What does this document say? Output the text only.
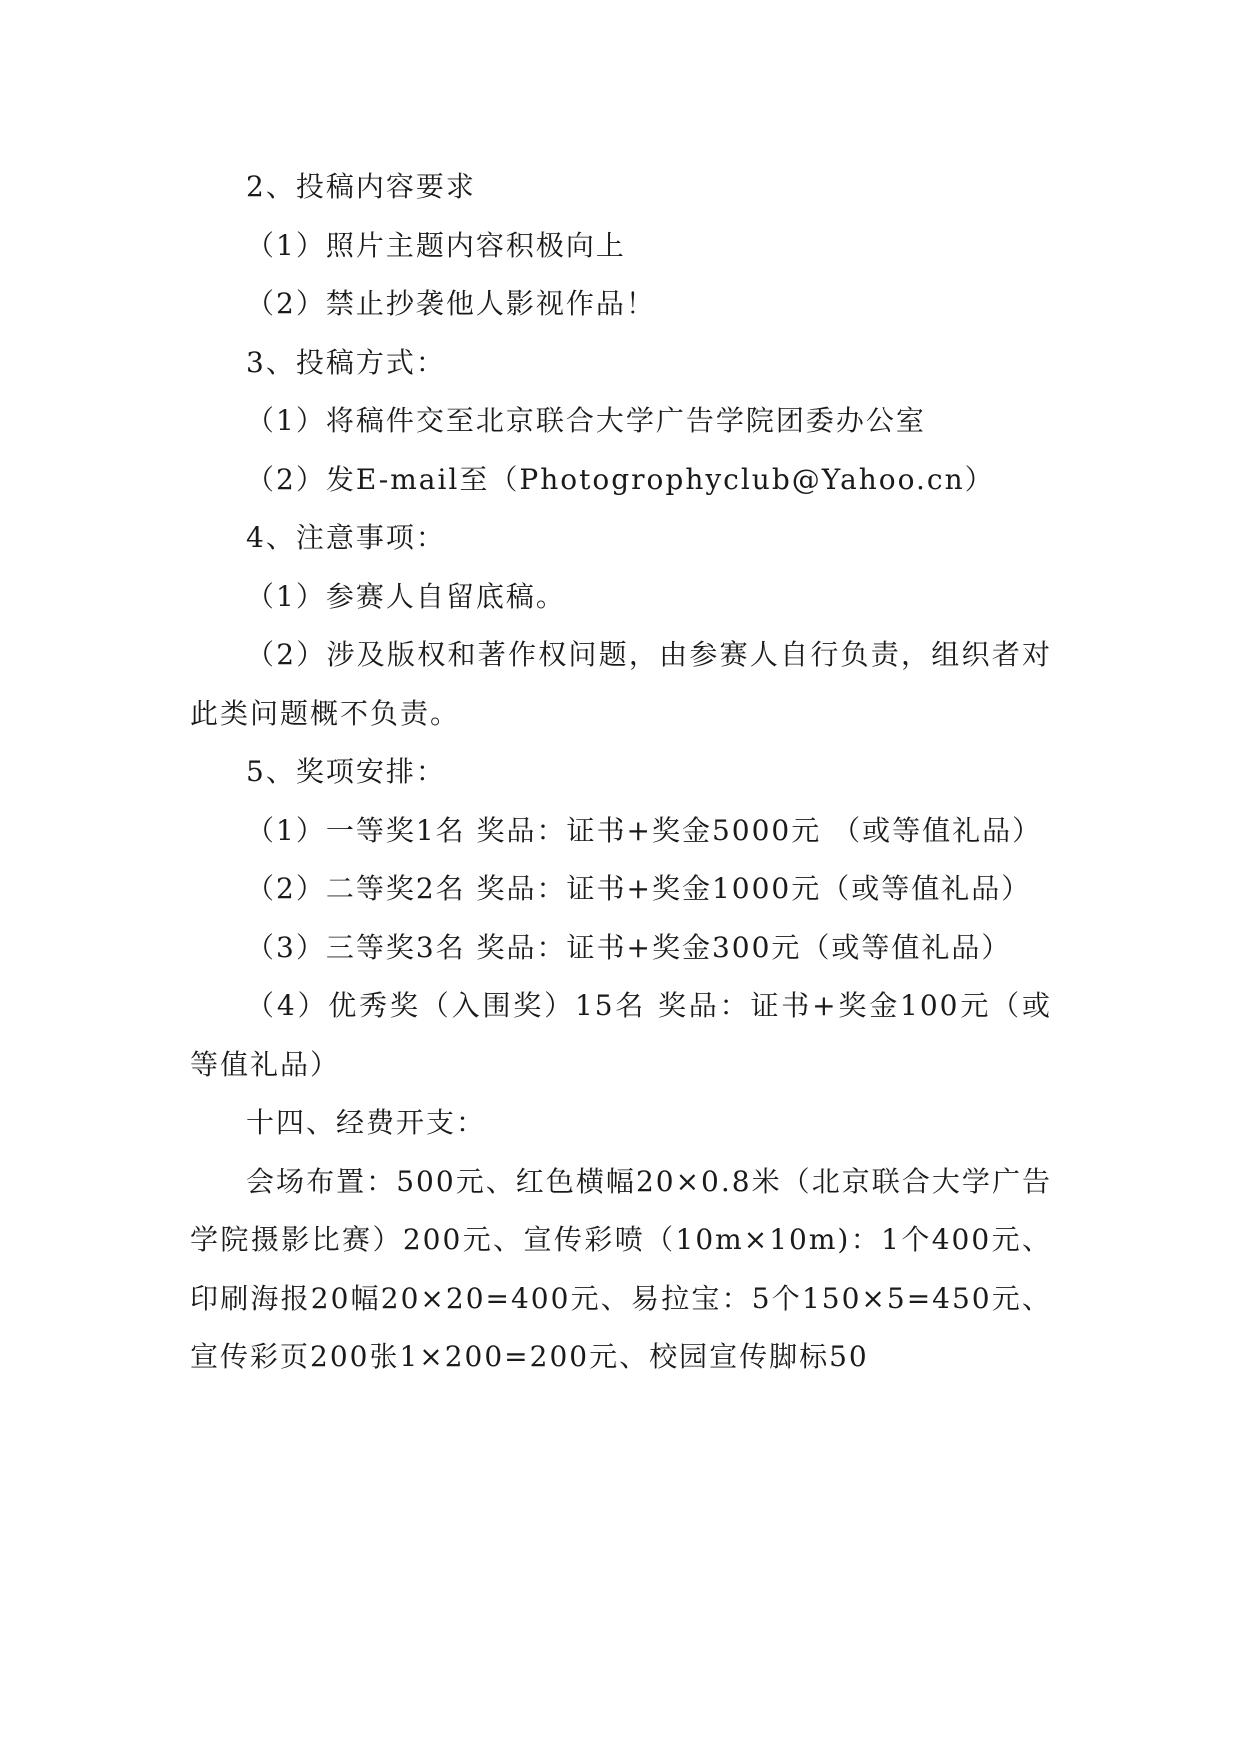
2、投稿内容要求

（1）照片主题内容积极向上

（2）禁止抄袭他人影视作品！

3、投稿方式：

（1）将稿件交至北京联合大学广告学院团委办公室

（2）发E-mail至（Photogrophyclub@Yahoo.cn）

4、注意事项：

（1）参赛人自留底稿。

（2）涉及版权和著作权问题，由参赛人自行负责，组织者对此类问题概不负责。

5、奖项安排：

（1）一等奖1名 奖品：证书+奖金5000元 （或等值礼品）

（2）二等奖2名 奖品：证书+奖金1000元（或等值礼品）

（3）三等奖3名 奖品：证书+奖金300元（或等值礼品）

（4）优秀奖（入围奖）15名 奖品：证书+奖金100元（或等值礼品）

十四、经费开支：

会场布置：500元、红色横幅20×0.8米（北京联合大学广告学院摄影比赛）200元、宣传彩喷（10m×10m)：1个400元、印刷海报20幅20×20=400元、易拉宝：5个150×5=450元、宣传彩页200张1×200=200元、校园宣传脚标50
